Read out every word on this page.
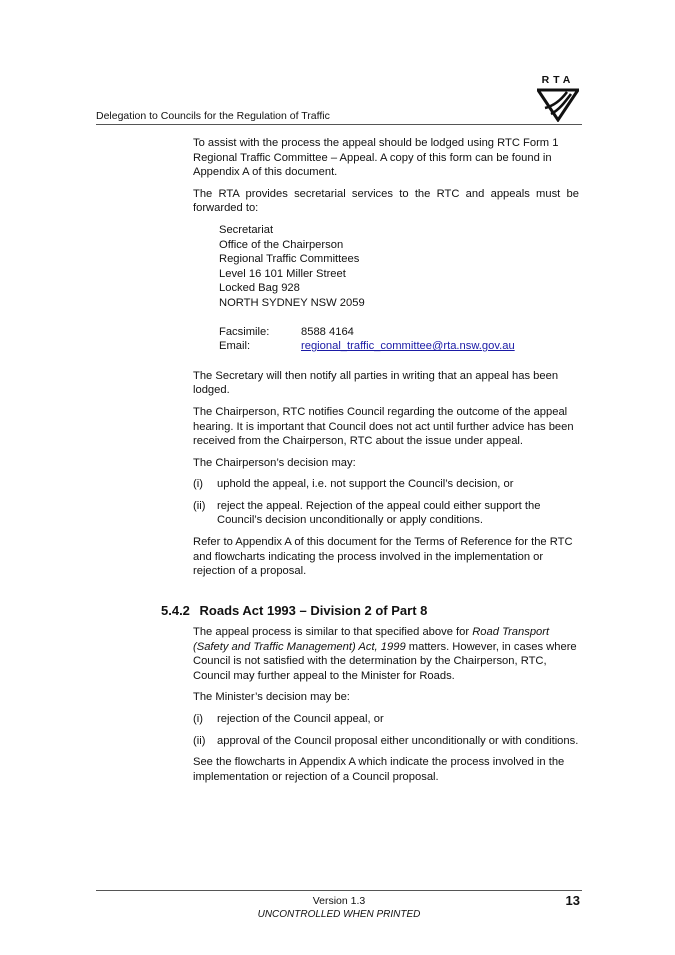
Delegation to Councils for the Regulation of Traffic
RTA

To assist with the process the appeal should be lodged using RTC Form 1 Regional Traffic Committee – Appeal. A copy of this form can be found in Appendix A of this document.

The RTA provides secretarial services to the RTC and appeals must be forwarded to:

Secretariat
Office of the Chairperson
Regional Traffic Committees
Level 16 101 Miller Street
Locked Bag 928
NORTH SYDNEY NSW 2059
Facsimile:	8588 4164
Email:	regional_traffic_committee@rta.nsw.gov.au

The Secretary will then notify all parties in writing that an appeal has been lodged.

The Chairperson, RTC notifies Council regarding the outcome of the appeal hearing. It is important that Council does not act until further advice has been received from the Chairperson, RTC about the issue under appeal.

The Chairperson’s decision may:

(i) uphold the appeal, i.e. not support the Council’s decision, or
(ii) reject the appeal. Rejection of the appeal could either support the Council’s decision unconditionally or apply conditions.

Refer to Appendix A of this document for the Terms of Reference for the RTC and flowcharts indicating the process involved in the implementation or rejection of a proposal.

5.4.2 Roads Act 1993 – Division 2 of Part 8

The appeal process is similar to that specified above for Road Transport (Safety and Traffic Management) Act, 1999 matters. However, in cases where Council is not satisfied with the determination by the Chairperson, RTC, Council may further appeal to the Minister for Roads.

The Minister’s decision may be:

(i) rejection of the Council appeal, or
(ii) approval of the Council proposal either unconditionally or with conditions.

See the flowcharts in Appendix A which indicate the process involved in the implementation or rejection of a Council proposal.

Version 1.3
UNCONTROLLED WHEN PRINTED
13
